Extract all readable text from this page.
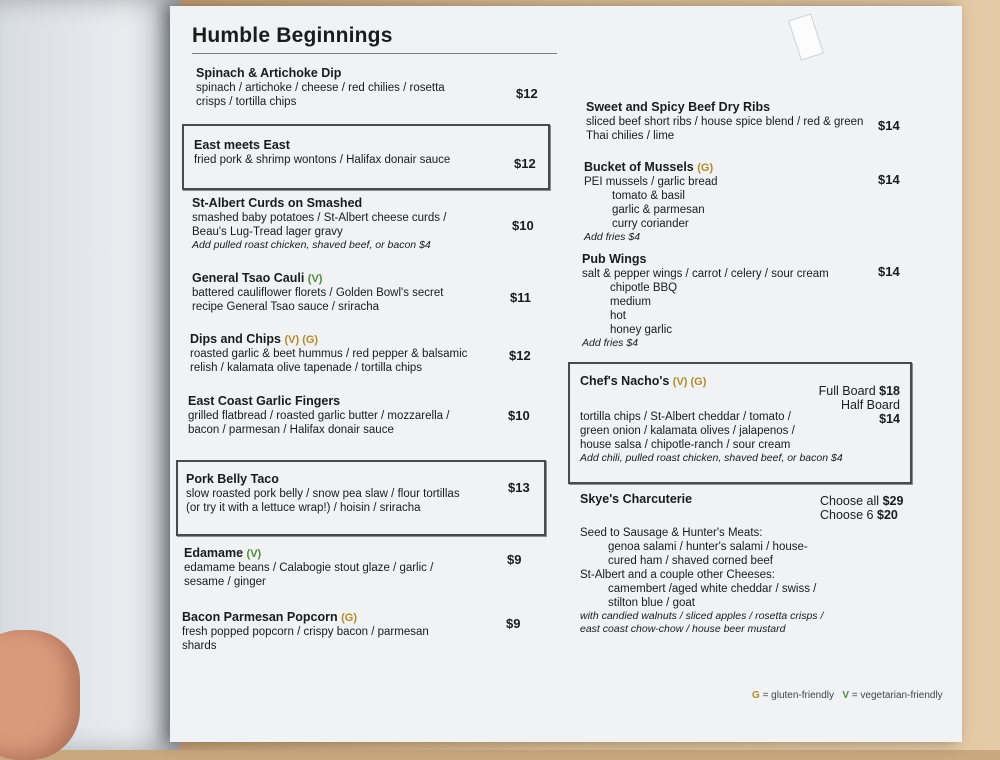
Humble Beginnings
Spinach & Artichoke Dip
spinach / artichoke / cheese / red chilies / rosetta
crisps / tortilla chips
$12
East meets East
fried pork & shrimp wontons / Halifax donair sauce	$12
St-Albert Curds on Smashed
smashed baby potatoes / St-Albert cheese curds /
Beau's Lug-Tread lager gravy
Add pulled roast chicken, shaved beef, or bacon $4
$10
General Tsao Cauli (V)
battered cauliflower florets / Golden Bowl's secret
recipe General Tsao sauce / sriracha
$11
Dips and Chips (V) (G)
roasted garlic & beet hummus / red pepper & balsamic
relish / kalamata olive tapenade / tortilla chips
$12
East Coast Garlic Fingers
grilled flatbread / roasted garlic butter / mozzarella /
bacon / parmesan / Halifax donair sauce
$10
Pork Belly Taco
slow roasted pork belly / snow pea slaw / flour tortillas
(or try it with a lettuce wrap!) / hoisin / sriracha
$13
Edamame (V)
edamame beans / Calabogie stout glaze / garlic /
sesame / ginger
$9
Bacon Parmesan Popcorn (G)
fresh popped popcorn / crispy bacon / parmesan
shards
$9
Sweet and Spicy Beef Dry Ribs
sliced beef short ribs / house spice blend / red & green
Thai chilies / lime
$14
Bucket of Mussels (G)
PEI mussels / garlic bread
tomato & basil
garlic & parmesan
curry coriander
Add fries $4
$14
Pub Wings
salt & pepper wings / carrot / celery / sour cream
chipotle BBQ
medium
hot
honey garlic
Add fries $4
$14
Chef's Nacho's (V) (G)
Full Board $18
Half Board $14
tortilla chips / St-Albert cheddar / tomato /
green onion / kalamata olives / jalapenos /
house salsa / chipotle-ranch / sour cream
Add chili, pulled roast chicken, shaved beef, or bacon $4
Skye's Charcuterie	Choose all $29
Choose 6 $20
Seed to Sausage & Hunter's Meats:
genoa salami / hunter's salami / house-
cured ham / shaved corned beef
St-Albert and a couple other Cheeses:
camembert /aged white cheddar / swiss /
stilton blue / goat
with candied walnuts / sliced apples / rosetta crisps /
east coast chow-chow / house beer mustard
G = gluten-friendly V = vegetarian-friendly
